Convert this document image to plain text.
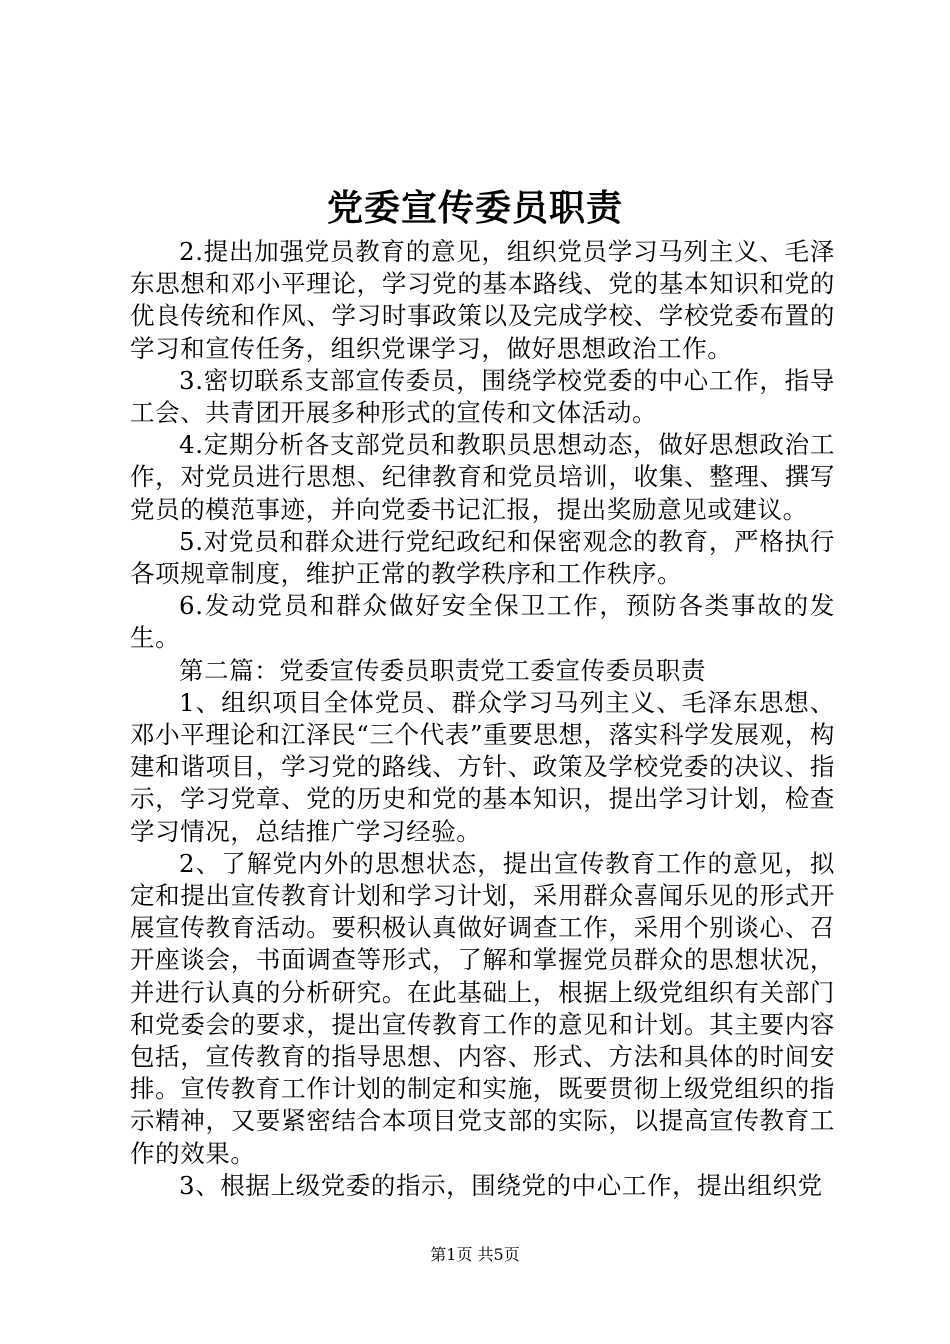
党委宣传委员职责

2.提出加强党员教育的意见，组织党员学习马列主义、毛泽东思想和邓小平理论，学习党的基本路线、党的基本知识和党的优良传统和作风、学习时事政策以及完成学校、学校党委布置的学习和宣传任务，组织党课学习，做好思想政治工作。

3.密切联系支部宣传委员，围绕学校党委的中心工作，指导工会、共青团开展多种形式的宣传和文体活动。

4.定期分析各支部党员和教职员思想动态，做好思想政治工作，对党员进行思想、纪律教育和党员培训，收集、整理、撰写党员的模范事迹，并向党委书记汇报，提出奖励意见或建议。

5.对党员和群众进行党纪政纪和保密观念的教育，严格执行各项规章制度，维护正常的教学秩序和工作秩序。

6.发动党员和群众做好安全保卫工作，预防各类事故的发生。

第二篇：党委宣传委员职责党工委宣传委员职责

1、组织项目全体党员、群众学习马列主义、毛泽东思想、邓小平理论和江泽民“三个代表”重要思想，落实科学发展观，构建和谐项目，学习党的路线、方针、政策及学校党委的决议、指示，学习党章、党的历史和党的基本知识，提出学习计划，检查学习情况，总结推广学习经验。

2、了解党内外的思想状态，提出宣传教育工作的意见，拟定和提出宣传教育计划和学习计划，采用群众喜闻乐见的形式开展宣传教育活动。要积极认真做好调查工作，采用个别谈心、召开座谈会，书面调查等形式，了解和掌握党员群众的思想状况，并进行认真的分析研究。在此基础上，根据上级党组织有关部门和党委会的要求，提出宣传教育工作的意见和计划。其主要内容包括，宣传教育的指导思想、内容、形式、方法和具体的时间安排。宣传教育工作计划的制定和实施，既要贯彻上级党组织的指示精神，又要紧密结合本项目党支部的实际，以提高宣传教育工作的效果。

3、根据上级党委的指示，围绕党的中心工作，提出组织党

第1页 共5页
